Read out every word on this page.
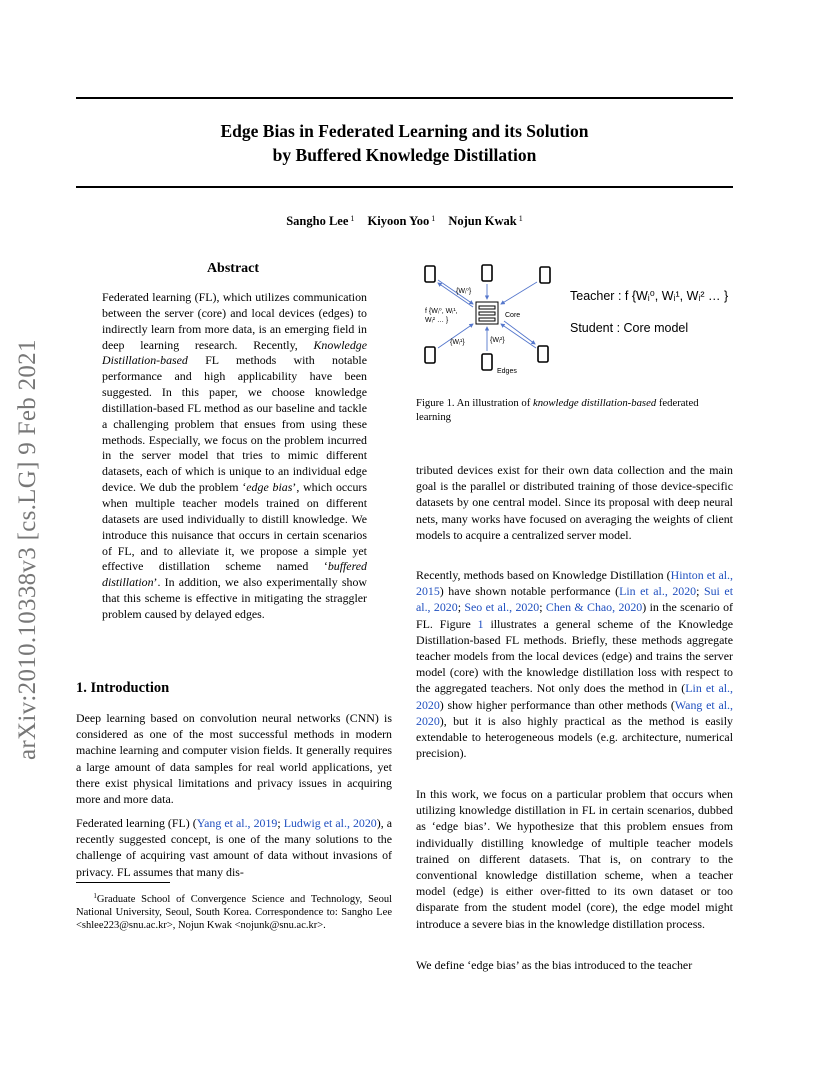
Edge Bias in Federated Learning and its Solution
by Buffered Knowledge Distillation
Sangho Lee $^1$ Kiyoon Yoo $^1$ Nojun Kwak $^1$
arXiv:2010.10338v3 [cs.LG] 9 Feb 2021
Abstract
Federated learning (FL), which utilizes communication between the server (core) and local devices (edges) to indirectly learn from more data, is an emerging field in deep learning research. Recently, Knowledge Distillation-based FL methods with notable performance and high applicability have been suggested. In this paper, we choose knowledge distillation-based FL method as our baseline and tackle a challenging problem that ensues from using these methods. Especially, we focus on the problem incurred in the server model that tries to mimic different datasets, each of which is unique to an individual edge device. We dub the problem ‘edge bias’, which occurs when multiple teacher models trained on different datasets are used individually to distill knowledge. We introduce this nuisance that occurs in certain scenarios of FL, and to alleviate it, we propose a simple yet effective distillation scheme named ‘buffered distillation’. In addition, we also experimentally show that this scheme is effective in mitigating the straggler problem caused by delayed edges.
1. Introduction
Deep learning based on convolution neural networks (CNN) is considered as one of the most successful methods in modern machine learning and computer vision fields. It generally requires a large amount of data samples for real world applications, yet there exist physical limitations and privacy issues in acquiring more and more data.
Federated learning (FL) (Yang et al., 2019; Ludwig et al., 2020), a recently suggested concept, is one of the many solutions to the challenge of acquiring vast amount of data without invasions of privacy. FL assumes that many dis-
$^1$Graduate School of Convergence Science and Technology, Seoul National University, Seoul, South Korea. Correspondence to: Sangho Lee <shlee223@snu.ac.kr>, Nojun Kwak <nojunk@snu.ac.kr>.
{Wᵢ⁰}
f {Wᵢ⁰, Wᵢ¹,
Wᵢ² … }
{Wᵢ¹}	{Wᵢ²}
Core
Edges
Teacher : f {Wᵢ⁰, Wᵢ¹, Wᵢ² … }
Student : Core model
Figure 1. An illustration of knowledge distillation-based federated learning
tributed devices exist for their own data collection and the main goal is the parallel or distributed training of those device-specific datasets by one central model. Since its proposal with deep neural nets, many works have focused on averaging the weights of client models to acquire a centralized server model.
Recently, methods based on Knowledge Distillation (Hinton et al., 2015) have shown notable performance (Lin et al., 2020; Sui et al., 2020; Seo et al., 2020; Chen & Chao, 2020) in the scenario of FL. Figure 1 illustrates a general scheme of the Knowledge Distillation-based FL methods. Briefly, these methods aggregate teacher models from the local devices (edge) and trains the server model (core) with the knowledge distillation loss with respect to the aggregated teachers. Not only does the method in (Lin et al., 2020) show higher performance than other methods (Wang et al., 2020), but it is also highly practical as the method is easily extendable to heterogeneous models (e.g. architecture, numerical precision).
In this work, we focus on a particular problem that occurs when utilizing knowledge distillation in FL in certain scenarios, dubbed as ‘edge bias’. We hypothesize that this problem ensues from individually distilling knowledge of multiple teacher models trained on different datasets. That is, on contrary to the conventional knowledge distillation scheme, when a teacher model (edge) is either over-fitted to its own dataset or too disparate from the student model (core), the edge model might introduce a severe bias in the knowledge distillation process.
We define ‘edge bias’ as the bias introduced to the teacher
